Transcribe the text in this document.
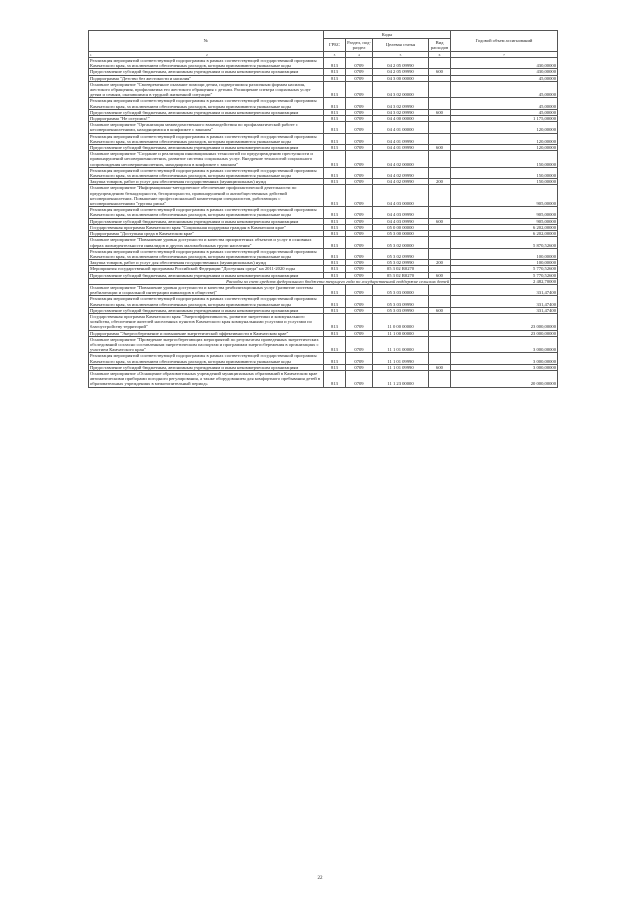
№	Коды				Годовой объем ассигнований
	ГРБС	Раздел, под-раздел	Целевая статья	Вид расходов	

1 2	3	4	5	6	7
Реализация мероприятий соответствующей подпрограммы в рамках соответствующей государственной программы Камчатского края, за исключением обеспеченных расходов, которым присваиваются уникальные коды	813	0709	04 2 05 09990		430,00000
Предоставление субсидий бюджетным, автономным учреждениям и иным некоммерческим организациям	813	0709	04 2 05 09990	600	430,00000
Подпрограмма "Детство без жестокости и насилия"	813	0709	04 3 00 00000		45,00000
Основное мероприятие "Своевременное оказание помощи детям, подвергшимся различным формам насилия, жестокого обращения, профилактика его жестокого обращения с детьми. Расширение спектра социальных услуг детям и семьям, оказавшимся в трудной жизненной ситуации"	813	0709	04 3 02 00000		45,00000
Реализация мероприятий соответствующей подпрограммы в рамках соответствующей государственной программы Камчатского края, за исключением обеспеченных расходов, которым присваиваются уникальные коды	813	0709	04 3 02 09990		45,00000
Предоставление субсидий бюджетным, автономным учреждениям и иным некоммерческим организациям	813	0709	04 3 02 09990	600	45,00000
Подпрограмма "Не оступись!"	813	0709	04 4 00 00000		1 175,00000
Основное мероприятие "Организация межведомственного взаимодействия по профилактической работе с несовершеннолетними, находящимися в конфликте с законом"	813	0709	04 4 01 00000		120,00000
Реализация мероприятий соответствующей подпрограммы в рамках соответствующей государственной программы Камчатского края, за исключением обеспеченных расходов, которым присваиваются уникальные коды	813	0709	04 4 01 09990		120,00000
Предоставление субсидий бюджетным, автономным учреждениям и иным некоммерческим организациям	813	0709	04 4 01 09990	600	120,00000
Основное мероприятие "Создание и реализация инновационных технологий по предупреждению преступности и правонарушений несовершеннолетних, развитие системы социальных услуг. Внедрение технологий социального сопровождения несовершеннолетних, находящихся в конфликте с законом"	813	0709	04 4 02 00000		150,00000
Реализация мероприятий соответствующей подпрограммы в рамках соответствующей государственной программы Камчатского края, за исключением обеспеченных расходов, которым присваиваются уникальные коды	813	0709	04 4 02 09990		150,00000
Закупка товаров, работ и услуг для обеспечения государственных (муниципальных) нужд	813	0709	04 4 02 09990	200	150,00000
Основное мероприятие "Информационно-методическое обеспечение профилактической деятельности по предупреждению безнадзорности, беспризорности, правонарушений и антиобщественных действий несовершеннолетних. Повышение профессиональной компетенции специалистов, работающих с несовершеннолетними "группы риска"	813	0709	04 4 03 00000		905,00000
Реализация мероприятий соответствующей подпрограммы в рамках соответствующей государственной программы Камчатского края, за исключением обеспеченных расходов, которым присваиваются уникальные коды	813	0709	04 4 03 09990		905,00000
Предоставление субсидий бюджетным, автономным учреждениям и иным некоммерческим организациям	813	0709	04 4 03 09990	600	905,00000
Государственная программа Камчатского края "Социальная поддержка граждан в Камчатском крае"	813	0709	05 0 00 00000		6 202,00000
Подпрограмма "Доступная среда в Камчатском крае"	813	0709	05 3 00 00000		6 202,00000
Основное мероприятие "Повышение уровня доступности и качества приоритетных объектов и услуг в основных сферах жизнедеятельности инвалидов и других маломобильных групп населения"	813	0709	05 3 02 00000		5 870,52600
Реализация мероприятий соответствующей подпрограммы в рамках соответствующей государственной программы Камчатского края, за исключением обеспеченных расходов, которым присваиваются уникальные коды	813	0709	05 3 02 09990		100,00000
Закупка товаров, работ и услуг для обеспечения государственных (муниципальных) нужд	813	0709	05 3 02 09990	200	100,00000
Мероприятия государственной программы Российской Федерации "Доступная среда" на 2011-2020 годы	813	0709	05 3 02 R0270		5 770,52600
Предоставление субсидий бюджетным, автономным учреждениям и иным некоммерческим организациям	813	0709	05 3 02 R0270	600	5 770,52600
Расходы за счет средств федерального бюджета текущего года по государственной поддержке сельских детей					2 482,70000
Основное мероприятие "Повышение уровня доступности и качества реабилитационных услуг (развитие системы реабилитации и социальной интеграции инвалидов в обществе)"	813	0709	05 3 03 00000		331,47400
Реализация мероприятий соответствующей подпрограммы в рамках соответствующей государственной программы Камчатского края, за исключением обеспеченных расходов, которым присваиваются уникальные коды	813	0709	05 3 03 09990		331,47400
Предоставление субсидий бюджетным, автономным учреждениям и иным некоммерческим организациям	813	0709	05 3 03 09990	600	331,47400
Государственная программа Камчатского края "Энергоэффективность, развитие энергетики и коммунального хозяйства, обеспечение жителей населенных пунктов Камчатского края коммунальными услугами и услугами по благоустройству территорий"	813	0709	11 0 00 00000		23 000,00000
Подпрограмма "Энергосбережение и повышение энергетической эффективности в Камчатском крае"	813	0709	11 1 00 00000		23 000,00000
Основное мероприятие "Проведение энергосберегающих мероприятий по результатам проведенных энергетических обследований согласно составленным энергетическим паспортам и программам энергосбережения в организациях с участием Камчатского края"	813	0709	11 1 01 00000		3 000,00000
Реализация мероприятий соответствующей подпрограммы в рамках соответствующей государственной программы Камчатского края, за исключением обеспеченных расходов, которым присваиваются уникальные коды	813	0709	11 1 01 09990		3 000,00000
Предоставление субсидий бюджетным, автономным учреждениям и иным некоммерческим организациям	813	0709	11 1 01 09990	600	3 000,00000
Основное мероприятие «Оснащение образовательных учреждений муниципальных образований в Камчатском крае автоматическими приборами погодного регулирования, а также оборудованием для комфортного пребывания детей в образовательных учреждениях в межотопительный период»	813	0709	11 1 23 00000		20 000,00000
22
